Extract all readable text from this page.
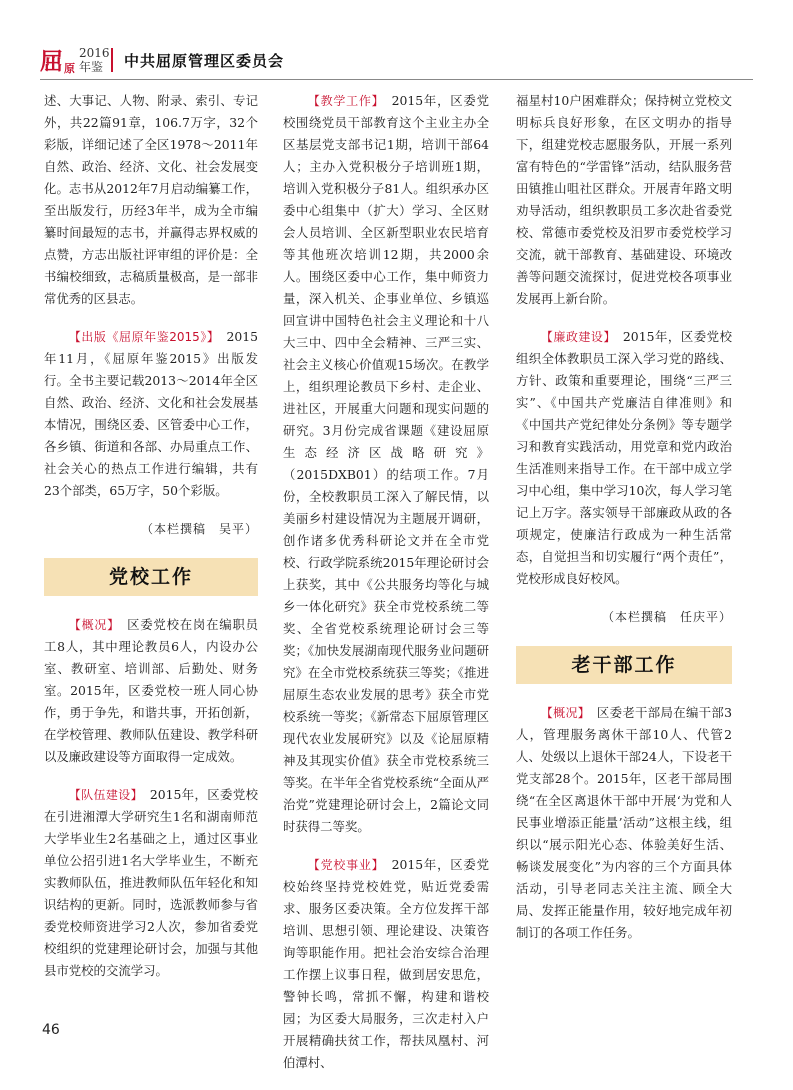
屈 原
2016
年鉴	中共屈原管理区委员会

述、大事记、人物、附录、索引、专记外，共22篇91章，106.7万字，32个彩版，详细记述了全区1978～2011年自然、政治、经济、文化、社会发展变化。志书从2012年7月启动编纂工作，至出版发行，历经3年半，成为全市编纂时间最短的志书，并赢得志界权威的点赞，方志出版社评审组的评价是：全书编校细致，志稿质量极高，是一部非常优秀的区县志。

【出版《屈原年鉴2015》】　 2015年11月，《屈原年鉴2015》出版发行。全书主要记载2013～2014年全区自然、政治、经济、文化和社会发展基本情况，围绕区委、区管委中心工作，各乡镇、街道和各部、办局重点工作、社会关心的热点工作进行编辑，共有23个部类，65万字，50个彩版。

（本栏撰稿　吴平）

党校工作

【概况】　 区委党校在岗在编职员工8人，其中理论教员6人，内设办公室、教研室、培训部、后勤处、财务室。2015年，区委党校一班人同心协作，勇于争先，和谐共事，开拓创新，在学校管理、教师队伍建设、教学科研以及廉政建设等方面取得一定成效。

【队伍建设】　 2015年，区委党校在引进湘潭大学研究生1名和湖南师范大学毕业生2名基础之上，通过区事业单位公招引进1名大学毕业生，不断充实教师队伍，推进教师队伍年轻化和知识结构的更新。同时，选派教师参与省委党校师资进学习2人次，参加省委党校组织的党建理论研讨会，加强与其他县市党校的交流学习。

【教学工作】　 2015年，区委党校围绕党员干部教育这个主业主办全区基层党支部书记1期，培训干部64人；主办入党积极分子培训班1期，培训入党积极分子81人。组织承办区委中心组集中（扩大）学习、全区财会人员培训、全区新型职业农民培育等其他班次培训12期，共2000余人。围绕区委中心工作，集中师资力量，深入机关、企事业单位、乡镇巡回宣讲中国特色社会主义理论和十八大三中、四中全会精神、三严三实、社会主义核心价值观15场次。在教学上，组织理论教员下乡村、走企业、进社区，开展重大问题和现实问题的研究。3月份完成省课题《建设屈原生态经济区战略研究》（2015DXB01）的结项工作。7月份，全校教职员工深入了解民情，以美丽乡村建设情况为主题展开调研，创作诸多优秀科研论文并在全市党校、行政学院系统2015年理论研讨会上获奖，其中《公共服务均等化与城乡一体化研究》获全市党校系统二等奖、全省党校系统理论研讨会三等奖；《加快发展湖南现代服务业问题研究》在全市党校系统获三等奖；《推进屈原生态农业发展的思考》获全市党校系统一等奖；《新常态下屈原管理区现代农业发展研究》以及《论屈原精神及其现实价值》获全市党校系统三等奖。在半年全省党校系统“全面从严治党”党建理论研讨会上，2篇论文同时获得二等奖。

【党校事业】　 2015年，区委党校始终坚持党校姓党，贴近党委需求、服务区委决策。全方位发挥干部培训、思想引领、理论建设、决策咨询等职能作用。把社会治安综合治理工作摆上议事日程，做到居安思危，警钟长鸣，常抓不懈，构建和谐校园；为区委大局服务，三次走村入户开展精确扶贫工作，帮扶凤凰村、河伯潭村、

福星村10户困难群众；保持树立党校文明标兵良好形象，在区文明办的指导下，组建党校志愿服务队，开展一系列富有特色的“学雷锋”活动，结队服务营田镇推山咀社区群众。开展青年路文明劝导活动，组织教职员工多次赴省委党校、常德市委党校及汨罗市委党校学习交流，就干部教育、基础建设、环境改善等问题交流探讨，促进党校各项事业发展再上新台阶。

【廉政建设】　 2015年，区委党校组织全体教职员工深入学习党的路线、方针、政策和重要理论，围绕“三严三实”、《中国共产党廉洁自律准则》和《中国共产党纪律处分条例》等专题学习和教育实践活动，用党章和党内政治生活准则来指导工作。在干部中成立学习中心组，集中学习10次，每人学习笔记上万字。落实领导干部廉政从政的各项规定，使廉洁行政成为一种生活常态，自觉担当和切实履行“两个责任”，党校形成良好校风。

（本栏撰稿　任庆平）

老干部工作

【概况】　 区委老干部局在编干部3人，管理服务离休干部10人、代管2人、处级以上退休干部24人，下设老干党支部28个。2015年，区老干部局围绕“在全区离退休干部中开展‘为党和人民事业增添正能量’活动”这根主线，组织以“展示阳光心态、体验美好生活、畅谈发展变化”为内容的三个方面具体活动，引导老同志关注主流、顾全大局、发挥正能量作用，较好地完成年初制订的各项工作任务。

46
